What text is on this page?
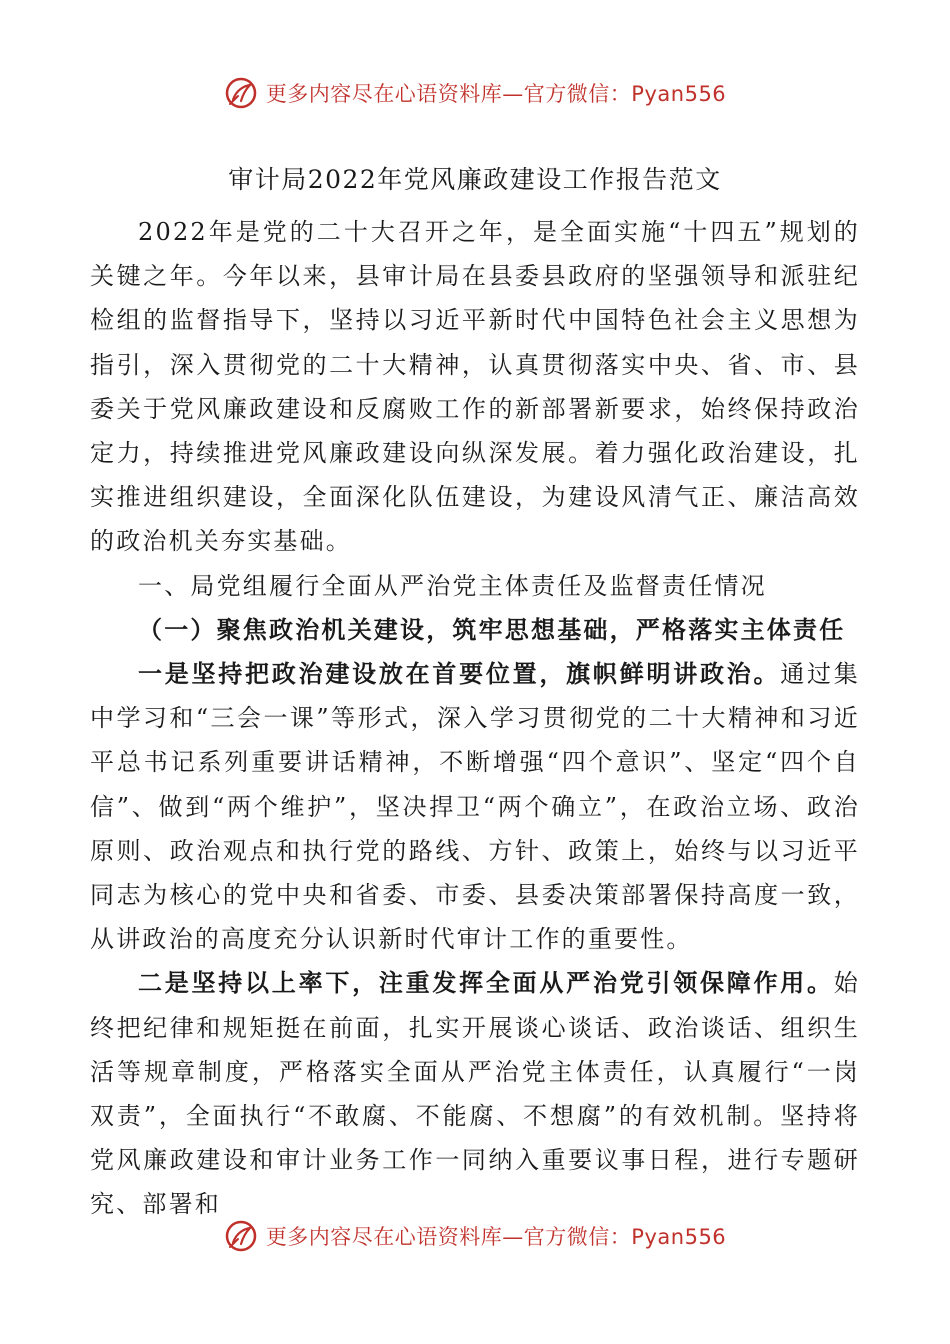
更多内容尽在心语资料库—官方微信：Pyan556
审计局2022年党风廉政建设工作报告范文

2022年是党的二十大召开之年，是全面实施“十四五”规划的关键之年。今年以来，县审计局在县委县政府的坚强领导和派驻纪检组的监督指导下，坚持以习近平新时代中国特色社会主义思想为指引，深入贯彻党的二十大精神，认真贯彻落实中央、省、市、县委关于党风廉政建设和反腐败工作的新部署新要求，始终保持政治定力，持续推进党风廉政建设向纵深发展。着力强化政治建设，扎实推进组织建设，全面深化队伍建设，为建设风清气正、廉洁高效的政治机关夯实基础。

一、局党组履行全面从严治党主体责任及监督责任情况

（一）聚焦政治机关建设，筑牢思想基础，严格落实主体责任

一是坚持把政治建设放在首要位置，旗帜鲜明讲政治。通过集中学习和“三会一课”等形式，深入学习贯彻党的二十大精神和习近平总书记系列重要讲话精神，不断增强“四个意识”、坚定“四个自信”、做到“两个维护”，坚决捍卫“两个确立”，在政治立场、政治原则、政治观点和执行党的路线、方针、政策上，始终与以习近平同志为核心的党中央和省委、市委、县委决策部署保持高度一致，从讲政治的高度充分认识新时代审计工作的重要性。

二是坚持以上率下，注重发挥全面从严治党引领保障作用。始终把纪律和规矩挺在前面，扎实开展谈心谈话、政治谈话、组织生活等规章制度，严格落实全面从严治党主体责任，认真履行“一岗双责”，全面执行“不敢腐、不能腐、不想腐”的有效机制。坚持将党风廉政建设和审计业务工作一同纳入重要议事日程，进行专题研究、部署和

更多内容尽在心语资料库—官方微信：Pyan556
